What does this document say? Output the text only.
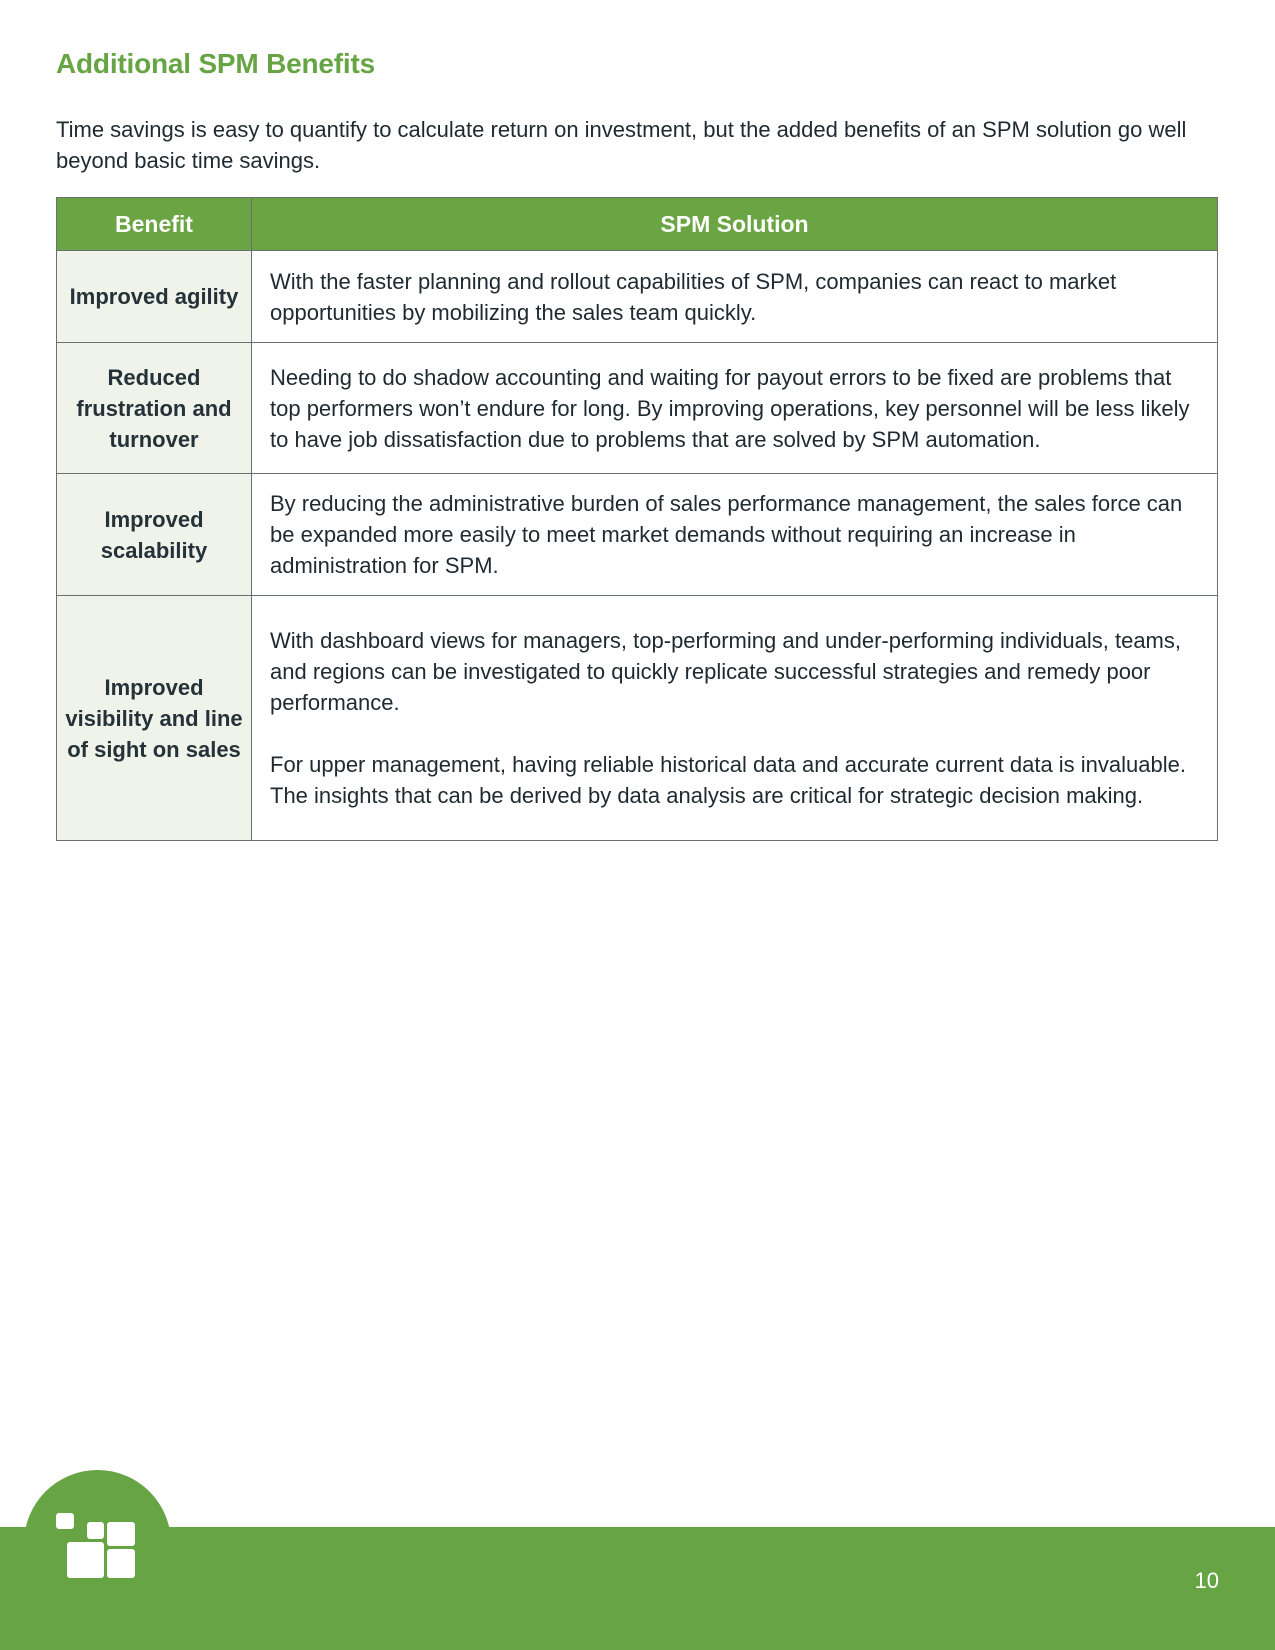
Additional SPM Benefits

Time savings is easy to quantify to calculate return on investment, but the added benefits of an SPM solution go well beyond basic time savings.

Benefit	SPM Solution
Improved agility	With the faster planning and rollout capabilities of SPM, companies can react to market opportunities by mobilizing the sales team quickly.

Reduced frustration and turnover	Needing to do shadow accounting and waiting for payout errors to be fixed are problems that top performers won’t endure for long. By improving operations, key personnel will be less likely to have job dissatisfaction due to problems that are solved by SPM automation.

Improved scalability	By reducing the administrative burden of sales performance management, the sales force can be expanded more easily to meet market demands without requiring an increase in administration for SPM.

Improved visibility and line of sight on sales	With dashboard views for managers, top-performing and under-performing individuals, teams, and regions can be investigated to quickly replicate successful strategies and remedy poor performance.

For upper management, having reliable historical data and accurate current data is invaluable. The insights that can be derived by data analysis are critical for strategic decision making.

10
